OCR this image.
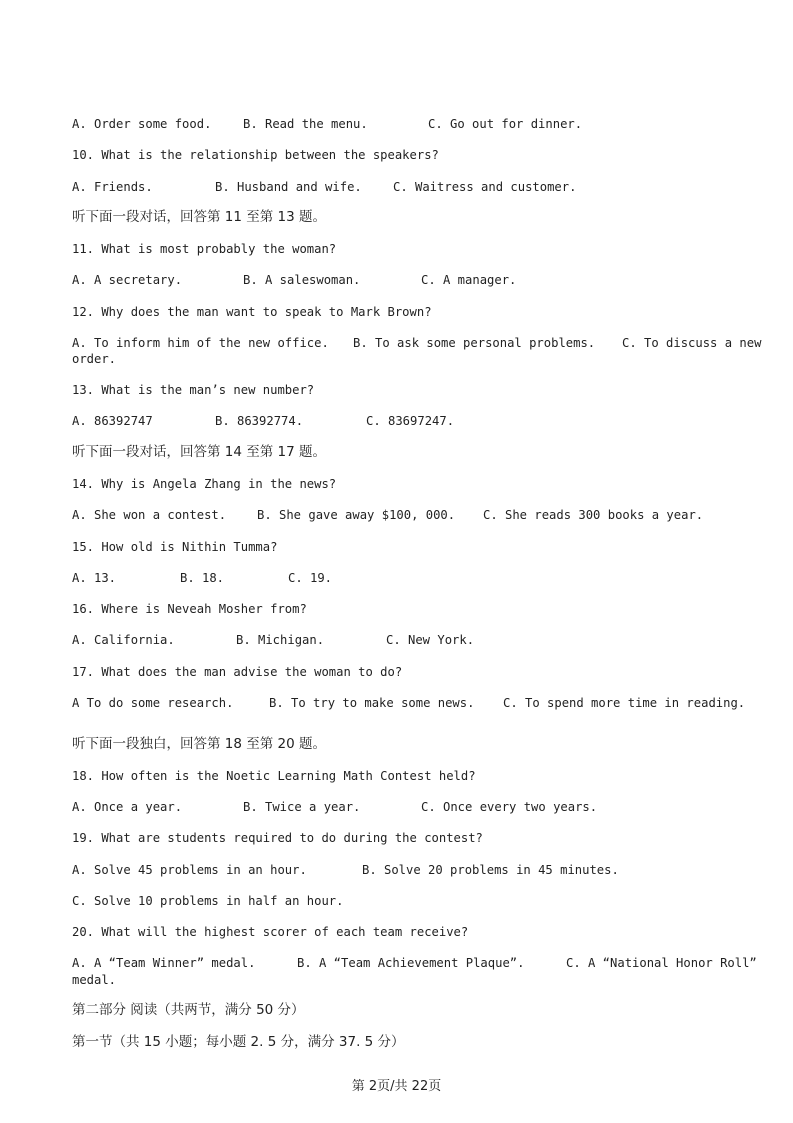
A. Order some food.	B. Read the menu.	C. Go out for dinner.
10. What is the relationship between the speakers?
A. Friends.	B. Husband and wife.	C. Waitress and customer.
听下面一段对话，回答第 11 至第 13 题。
11. What is most probably the woman?
A. A secretary.	B. A saleswoman.	C. A manager.
12. Why does the man want to speak to Mark Brown?
A. To inform him of the new office. B. To ask some personal problems. C. To discuss a new
order.
13. What is the man’s new number?
A. 86392747	B. 86392774.	C. 83697247.
听下面一段对话，回答第 14 至第 17 题。
14. Why is Angela Zhang in the news?
A. She won a contest.	B. She gave away $100, 000. C. She reads 300 books a year.
15. How old is Nithin Tumma?
A. 13.	B. 18.	C. 19.
16. Where is Neveah Mosher from?
A. California.	B. Michigan.	C. New York.
17. What does the man advise the woman to do?
A To do some research.	B. To try to make some news. C. To spend more time in reading.
听下面一段独白，回答第 18 至第 20 题。
18. How often is the Noetic Learning Math Contest held?
A. Once a year.	B. Twice a year.	C. Once every two years.
19. What are students required to do during the contest?
A. Solve 45 problems in an hour.	B. Solve 20 problems in 45 minutes.
C. Solve 10 problems in half an hour.
20. What will the highest scorer of each team receive?
A. A “Team Winner” medal.	B. A “Team Achievement Plaque”.	C. A “National Honor Roll”
medal.
第二部分 阅读（共两节，满分 50 分）
第一节（共 15 小题；每小题 2. 5 分，满分 37. 5 分）
第 2页/共 22页
